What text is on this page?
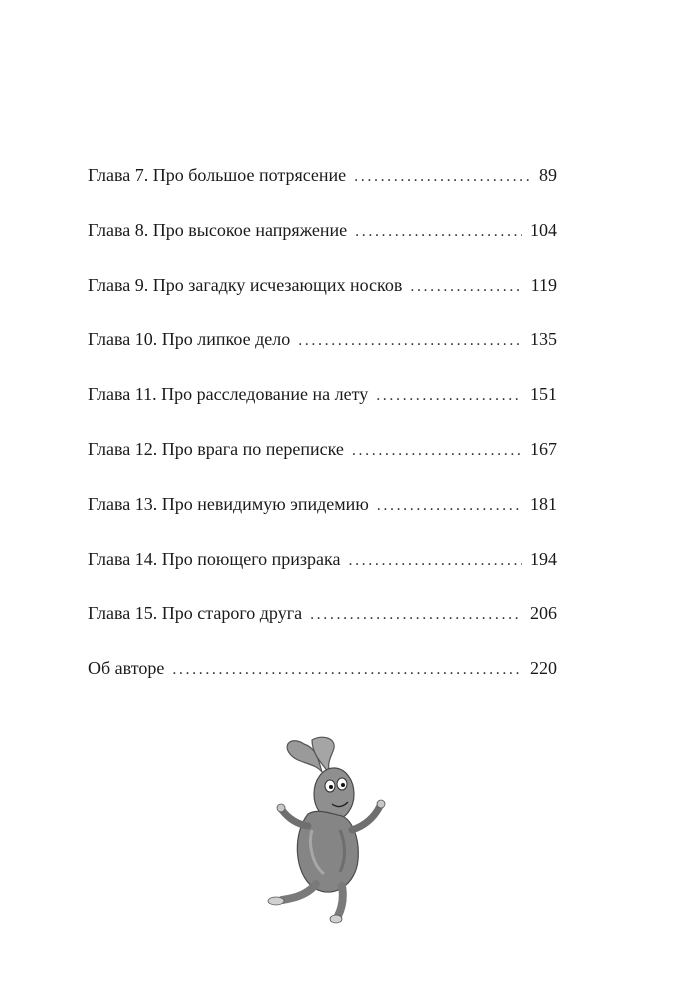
Глава 7. Про большое потрясение .....	89
Глава 8. Про высокое напряжение .....	104
Глава 9. Про загадку исчезающих носков .....	119
Глава 10. Про липкое дело .....	135
Глава 11. Про расследование на лету .....	151
Глава 12. Про врага по переписке .....	167
Глава 13. Про невидимую эпидемию .....	181
Глава 14. Про поющего призрака .....	194
Глава 15. Про старого друга .....	206
Об авторе .....	220
